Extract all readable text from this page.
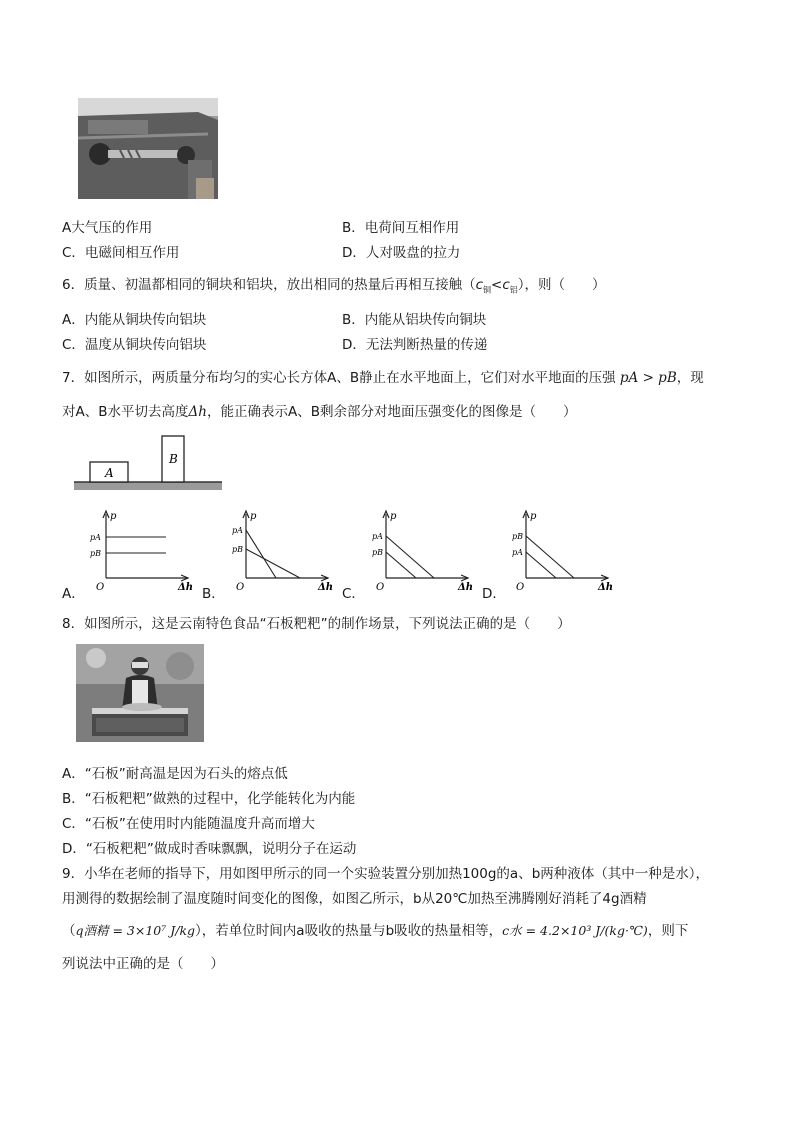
A大气压的作用	B．电荷间互相作用
C．电磁间相互作用	D．人对吸盘的拉力
6．质量、初温都相同的铜块和铝块，放出相同的热量后再相互接触$(c_铜<c_铝)$，则（　　）
A．内能从铜块传向铝块	B．内能从铝块传向铜块
C．温度从铜块传向铝块	D．无法判断热量的传递
7．如图所示，两质量分布均匀的实心长方体A、B静止在水平地面上，它们对水平地面的压强 pA > pB，现
对A、B水平切去高度Δh，能正确表示A、B剩余部分对地面压强变化的图像是（　　）
A
B
A．	B．	C．	D．
p
O	Δh
pA
pB
p
O	Δh
pA
pB
p
O	Δh
pA
pB
p
O	Δh
pB
pA
8．如图所示，这是云南特色食品“石板粑粑”的制作场景，下列说法正确的是（　　）
A．“石板”耐高温是因为石头的熔点低
B．“石板粑粑”做熟的过程中，化学能转化为内能
C．“石板”在使用时内能随温度升高而增大
D．“石板粑粑”做成时香味飘飘，说明分子在运动
9．小华在老师的指导下，用如图甲所示的同一个实验装置分别加热100g的a、b两种液体（其中一种是水），
用测得的数据绘制了温度随时间变化的图像，如图乙所示，b从20℃加热至沸腾刚好消耗了4g酒精
（q酒精 = 3×10⁷ J/kg），若单位时间内a吸收的热量与b吸收的热量相等，c水 = 4.2×10³ J/(kg·℃)，则下
列说法中正确的是（　　）
